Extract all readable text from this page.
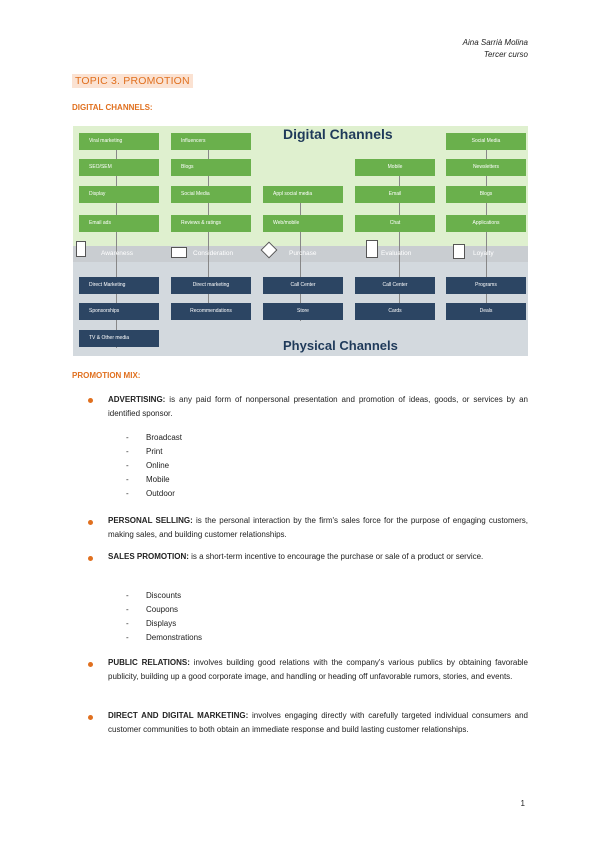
Aina Sarrià Molina
Tercer curso
TOPIC 3. PROMOTION
DIGITAL CHANNELS:
Digital Channels
Physical Channels
Viral marketing
SEO/SEM
Display
Email ads
Influencers
Blogs
Social Media
Reviews & ratings
Appl social media
Web/mobile
Mobile
Email
Chat
Social Media
Newsletters
Blogs
Applications
Awareness	Consideration	Purchase	Evaluation	Loyalty
Direct Marketing
Sponsorships
TV & Other media
Direct marketing
Recommendations
Call Center
Store
Call Center
Cards
Programs
Deals
PROMOTION MIX:
ADVERTISING: is any paid form of nonpersonal presentation and promotion of ideas, goods, or services by an identified sponsor.
- Broadcast
- Print
- Online
- Mobile
- Outdoor
PERSONAL SELLING: is the personal interaction by the firm's sales force for the purpose of engaging customers, making sales, and building customer relationships.
SALES PROMOTION: is a short-term incentive to encourage the purchase or sale of a product or service.
- Discounts
- Coupons
- Displays
- Demonstrations
PUBLIC RELATIONS: involves building good relations with the company's various publics by obtaining favorable publicity, building up a good corporate image, and handling or heading off unfavorable rumors, stories, and events.
DIRECT AND DIGITAL MARKETING: involves engaging directly with carefully targeted individual consumers and customer communities to both obtain an immediate response and build lasting customer relationships.
1
